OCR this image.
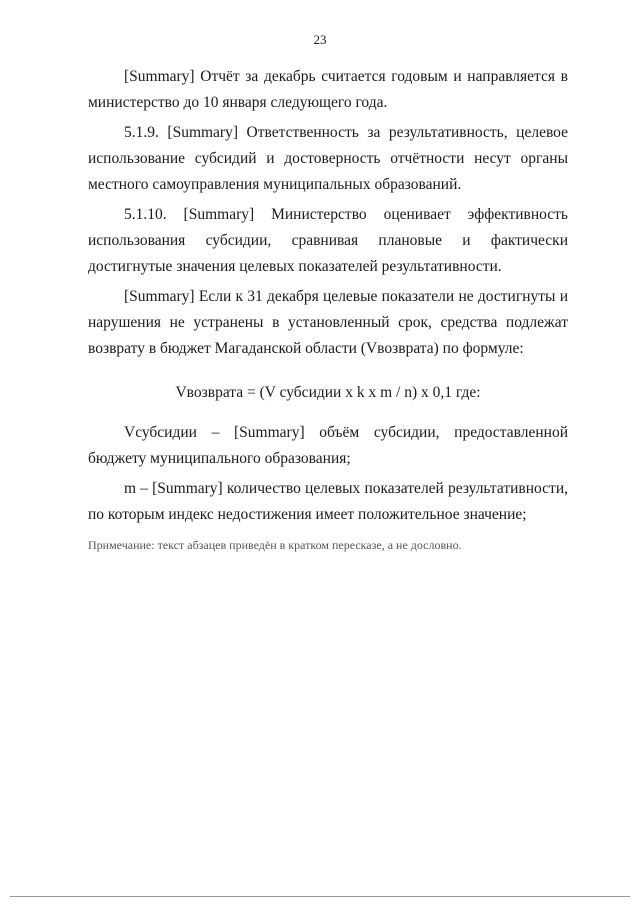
23

[Summary] Отчёт за декабрь считается годовым и направляется в министерство до 10 января следующего года.

5.1.9. [Summary] Ответственность за результативность, целевое использование субсидий и достоверность отчётности несут органы местного самоуправления муниципальных образований.

5.1.10. [Summary] Министерство оценивает эффективность использования субсидии, сравнивая плановые и фактически достигнутые значения целевых показателей результативности.

[Summary] Если к 31 декабря целевые показатели не достигнуты и нарушения не устранены в установленный срок, средства подлежат возврату в бюджет Магаданской области (Vвозврата) по формуле:

Vвозврата = (V субсидии x k x m / n) x 0,1 где:

Vсубсидии – [Summary] объём субсидии, предоставленной бюджету муниципального образования;

m – [Summary] количество целевых показателей результативности, по которым индекс недостижения имеет положительное значение;

Примечание: текст абзацев приведён в кратком пересказе, а не дословно.
